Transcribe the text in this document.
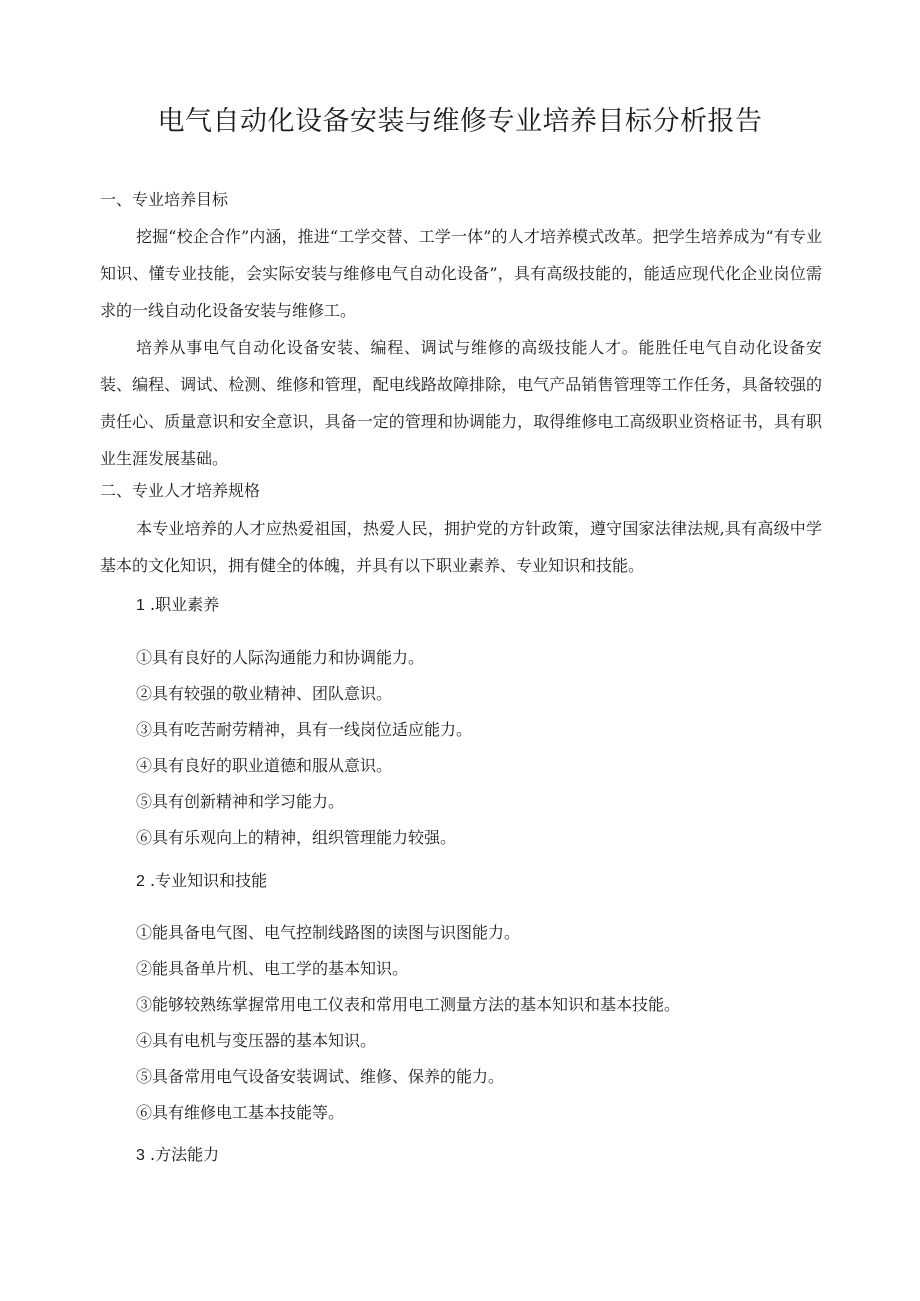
电气自动化设备安装与维修专业培养目标分析报告
一、专业培养目标

挖掘“校企合作”内涵，推进“工学交替、工学一体”的人才培养模式改革。把学生培养成为“有专业知识、懂专业技能，会实际安装与维修电气自动化设备”，具有高级技能的，能适应现代化企业岗位需求的一线自动化设备安装与维修工。

培养从事电气自动化设备安装、编程、调试与维修的高级技能人才。能胜任电气自动化设备安装、编程、调试、检测、维修和管理，配电线路故障排除，电气产品销售管理等工作任务，具备较强的责任心、质量意识和安全意识，具备一定的管理和协调能力，取得维修电工高级职业资格证书，具有职业生涯发展基础。

二、专业人才培养规格

本专业培养的人才应热爱祖国，热爱人民，拥护党的方针政策，遵守国家法律法规,具有高级中学基本的文化知识，拥有健全的体魄，并具有以下职业素养、专业知识和技能。

1 .职业素养
①具有良好的人际沟通能力和协调能力。
②具有较强的敬业精神、团队意识。
③具有吃苦耐劳精神，具有一线岗位适应能力。
④具有良好的职业道德和服从意识。
⑤具有创新精神和学习能力。
⑥具有乐观向上的精神，组织管理能力较强。
2 .专业知识和技能
①能具备电气图、电气控制线路图的读图与识图能力。
②能具备单片机、电工学的基本知识。
③能够较熟练掌握常用电工仪表和常用电工测量方法的基本知识和基本技能。
④具有电机与变压器的基本知识。
⑤具备常用电气设备安装调试、维修、保养的能力。
⑥具有维修电工基本技能等。
3 .方法能力
